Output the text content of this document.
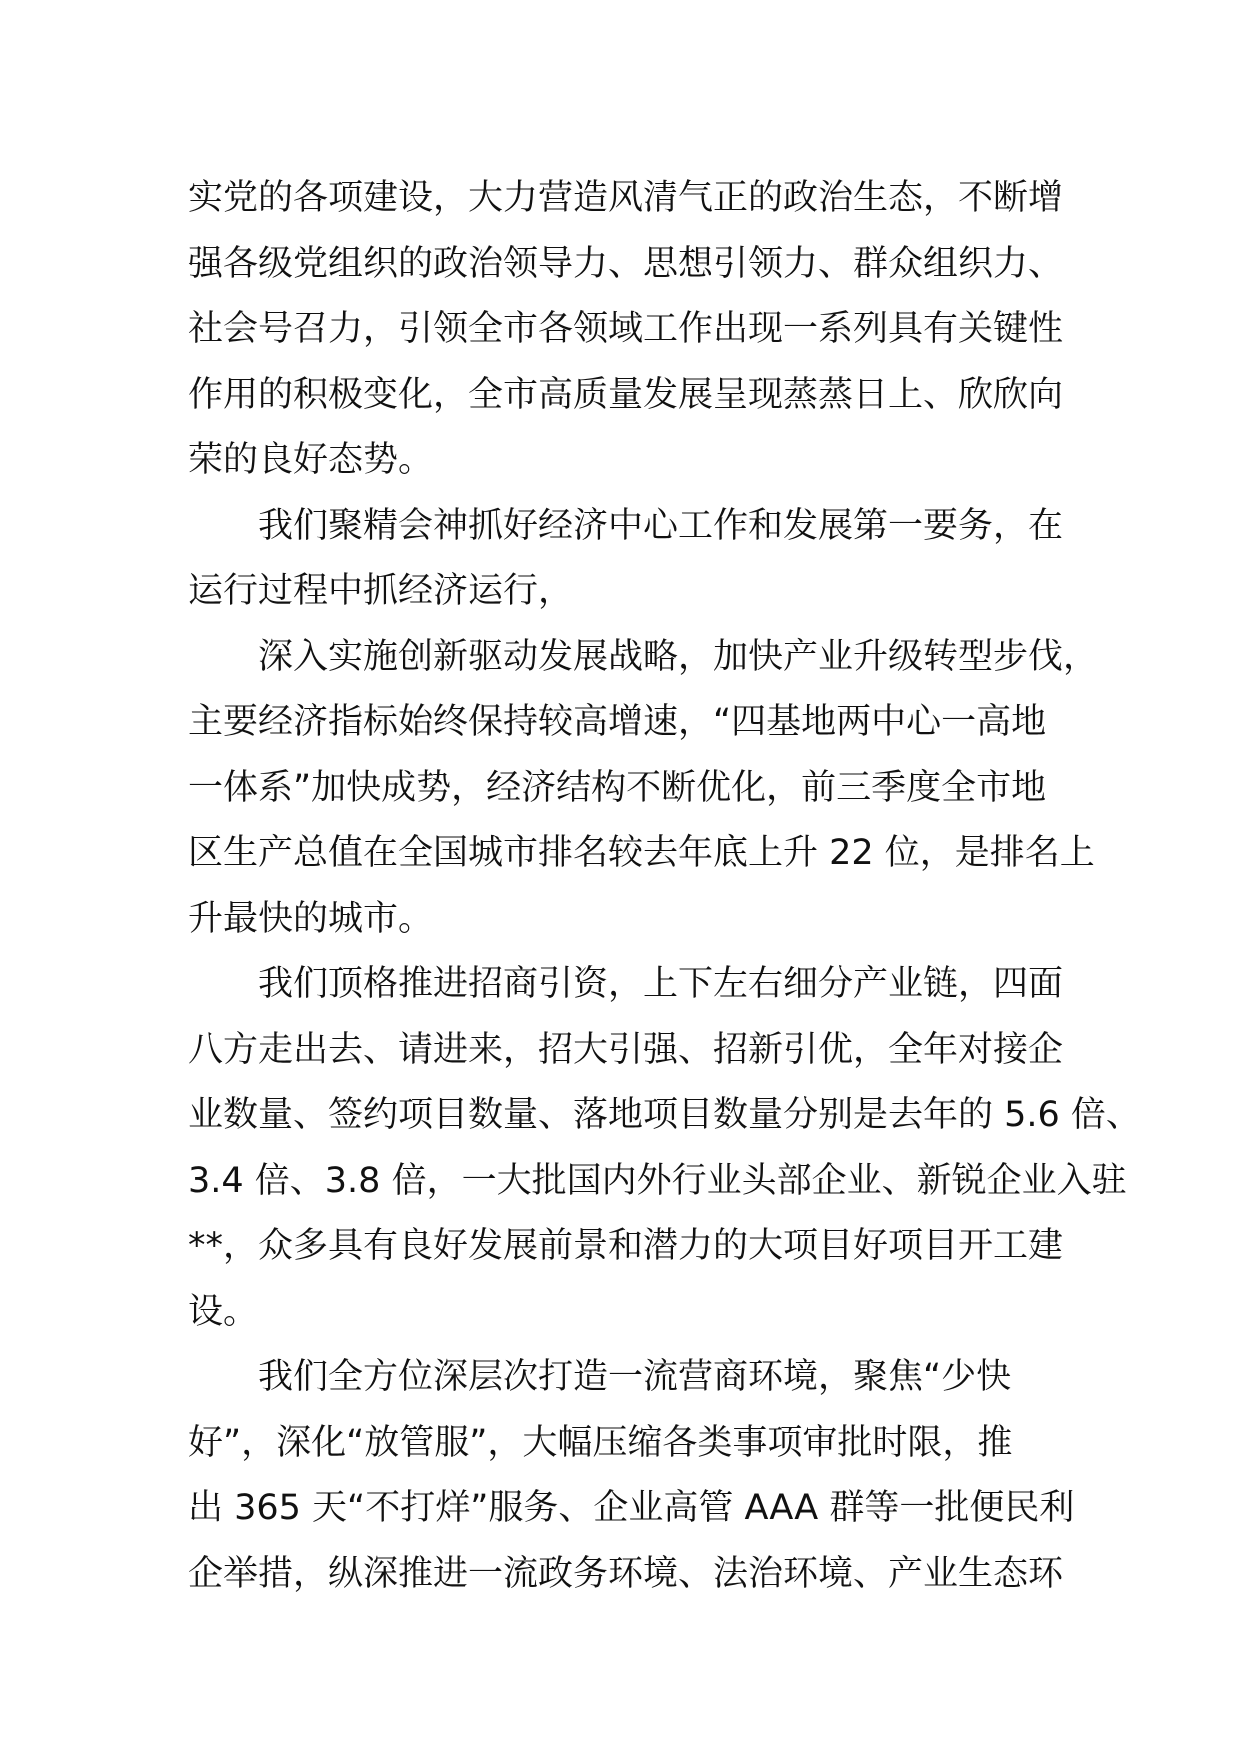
实党的各项建设，大力营造风清气正的政治生态，不断增
强各级党组织的政治领导力、思想引领力、群众组织力、
社会号召力，引领全市各领域工作出现一系列具有关键性
作用的积极变化，全市高质量发展呈现蒸蒸日上、欣欣向
荣的良好态势。
我们聚精会神抓好经济中心工作和发展第一要务，在
运行过程中抓经济运行，
深入实施创新驱动发展战略，加快产业升级转型步伐，
主要经济指标始终保持较高增速，“四基地两中心一高地
一体系”加快成势，经济结构不断优化，前三季度全市地
区生产总值在全国城市排名较去年底上升 22 位，是排名上
升最快的城市。
我们顶格推进招商引资，上下左右细分产业链，四面
八方走出去、请进来，招大引强、招新引优，全年对接企
业数量、签约项目数量、落地项目数量分别是去年的 5.6 倍、
3.4 倍、3.8 倍，一大批国内外行业头部企业、新锐企业入驻
**，众多具有良好发展前景和潜力的大项目好项目开工建
设。
我们全方位深层次打造一流营商环境，聚焦“少快
好”，深化“放管服”，大幅压缩各类事项审批时限，推
出 365 天“不打烊”服务、企业高管 AAA 群等一批便民利
企举措，纵深推进一流政务环境、法治环境、产业生态环
